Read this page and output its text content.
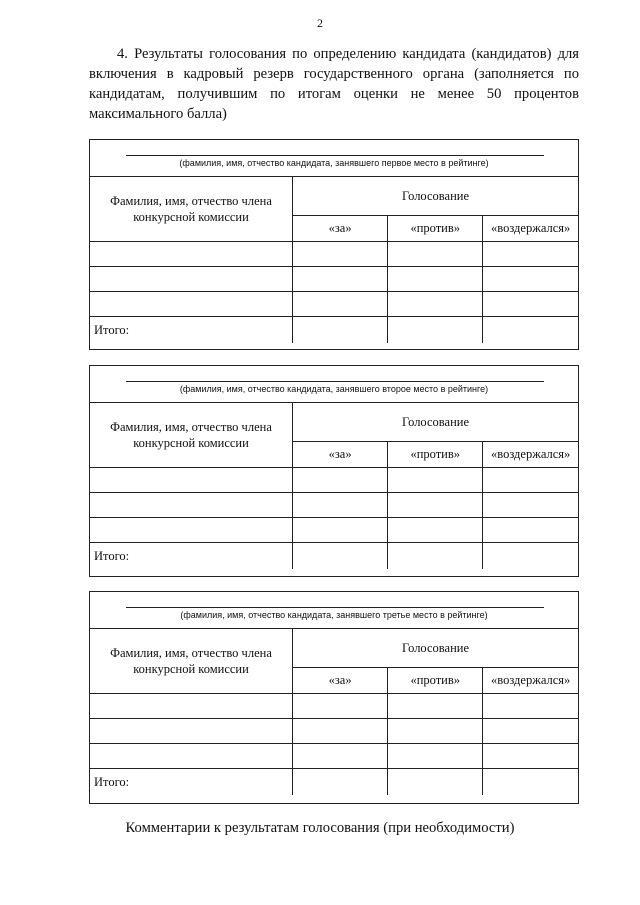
2
4. Результаты голосования по определению кандидата (кандидатов) для включения в кадровый резерв государственного органа (заполняется по кандидатам, получившим по итогам оценки не менее 50 процентов максимального балла)
(фамилия, имя, отчество кандидата, занявшего первое место в рейтинге)
Фамилия, имя, отчество члена конкурсной комиссии	Голосование		
	«за»	«против»	«воздержался»

Итого:			
(фамилия, имя, отчество кандидата, занявшего второе место в рейтинге)
Фамилия, имя, отчество члена конкурсной комиссии	Голосование		
	«за»	«против»	«воздержался»

Итого:			
(фамилия, имя, отчество кандидата, занявшего третье место в рейтинге)
Фамилия, имя, отчество члена конкурсной комиссии	Голосование		
	«за»	«против»	«воздержался»

Итого:			
Комментарии к результатам голосования (при необходимости)
